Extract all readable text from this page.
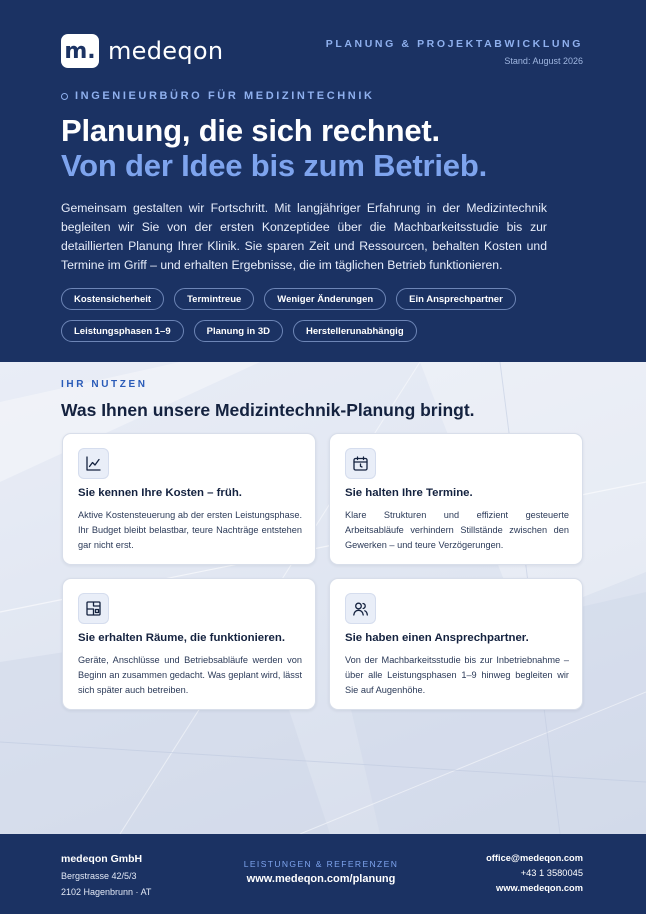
m. medeqon	PLANUNG & PROJEKTABWICKLUNG
Stand: August 2026
INGENIEURBÜRO FÜR MEDIZINTECHNIK
Planung, die sich rechnet.
Von der Idee bis zum Betrieb.

Gemeinsam gestalten wir Fortschritt. Mit langjähriger Erfahrung in der Medizintechnik begleiten wir Sie von der ersten Konzeptidee über die Machbarkeitsstudie bis zur detaillierten Planung Ihrer Klinik. Sie sparen Zeit und Ressourcen, behalten Kosten und Termine im Griff – und erhalten Ergebnisse, die im täglichen Betrieb funktionieren.

Kostensicherheit	Termintreue	Weniger Änderungen	Ein Ansprechpartner
Leistungsphasen 1–9	Planung in 3D	Herstellerunabhängig
IHR NUTZEN
Was Ihnen unsere Medizintechnik-Planung bringt.
Sie kennen Ihre Kosten – früh.

Aktive Kostensteuerung ab der ersten Leistungsphase. Ihr Budget bleibt belastbar, teure Nachträge entstehen gar nicht erst.

Sie halten Ihre Termine.

Klare Strukturen und effizient gesteuerte Arbeitsabläufe verhindern Stillstände zwischen den Gewerken – und teure Verzögerungen.

Sie erhalten Räume, die funktionieren.

Geräte, Anschlüsse und Betriebsabläufe werden von Beginn an zusammen gedacht. Was geplant wird, lässt sich später auch betreiben.

Sie haben einen Ansprechpartner.

Von der Machbarkeitsstudie bis zur Inbetriebnahme – über alle Leistungsphasen 1–9 hinweg begleiten wir Sie auf Augenhöhe.

medeqon GmbH
Bergstrasse 42/5/3
2102 Hagenbrunn · AT
LEISTUNGEN & REFERENZEN
www.medeqon.com/planung
office@medeqon.com
+43 1 3580045
www.medeqon.com
